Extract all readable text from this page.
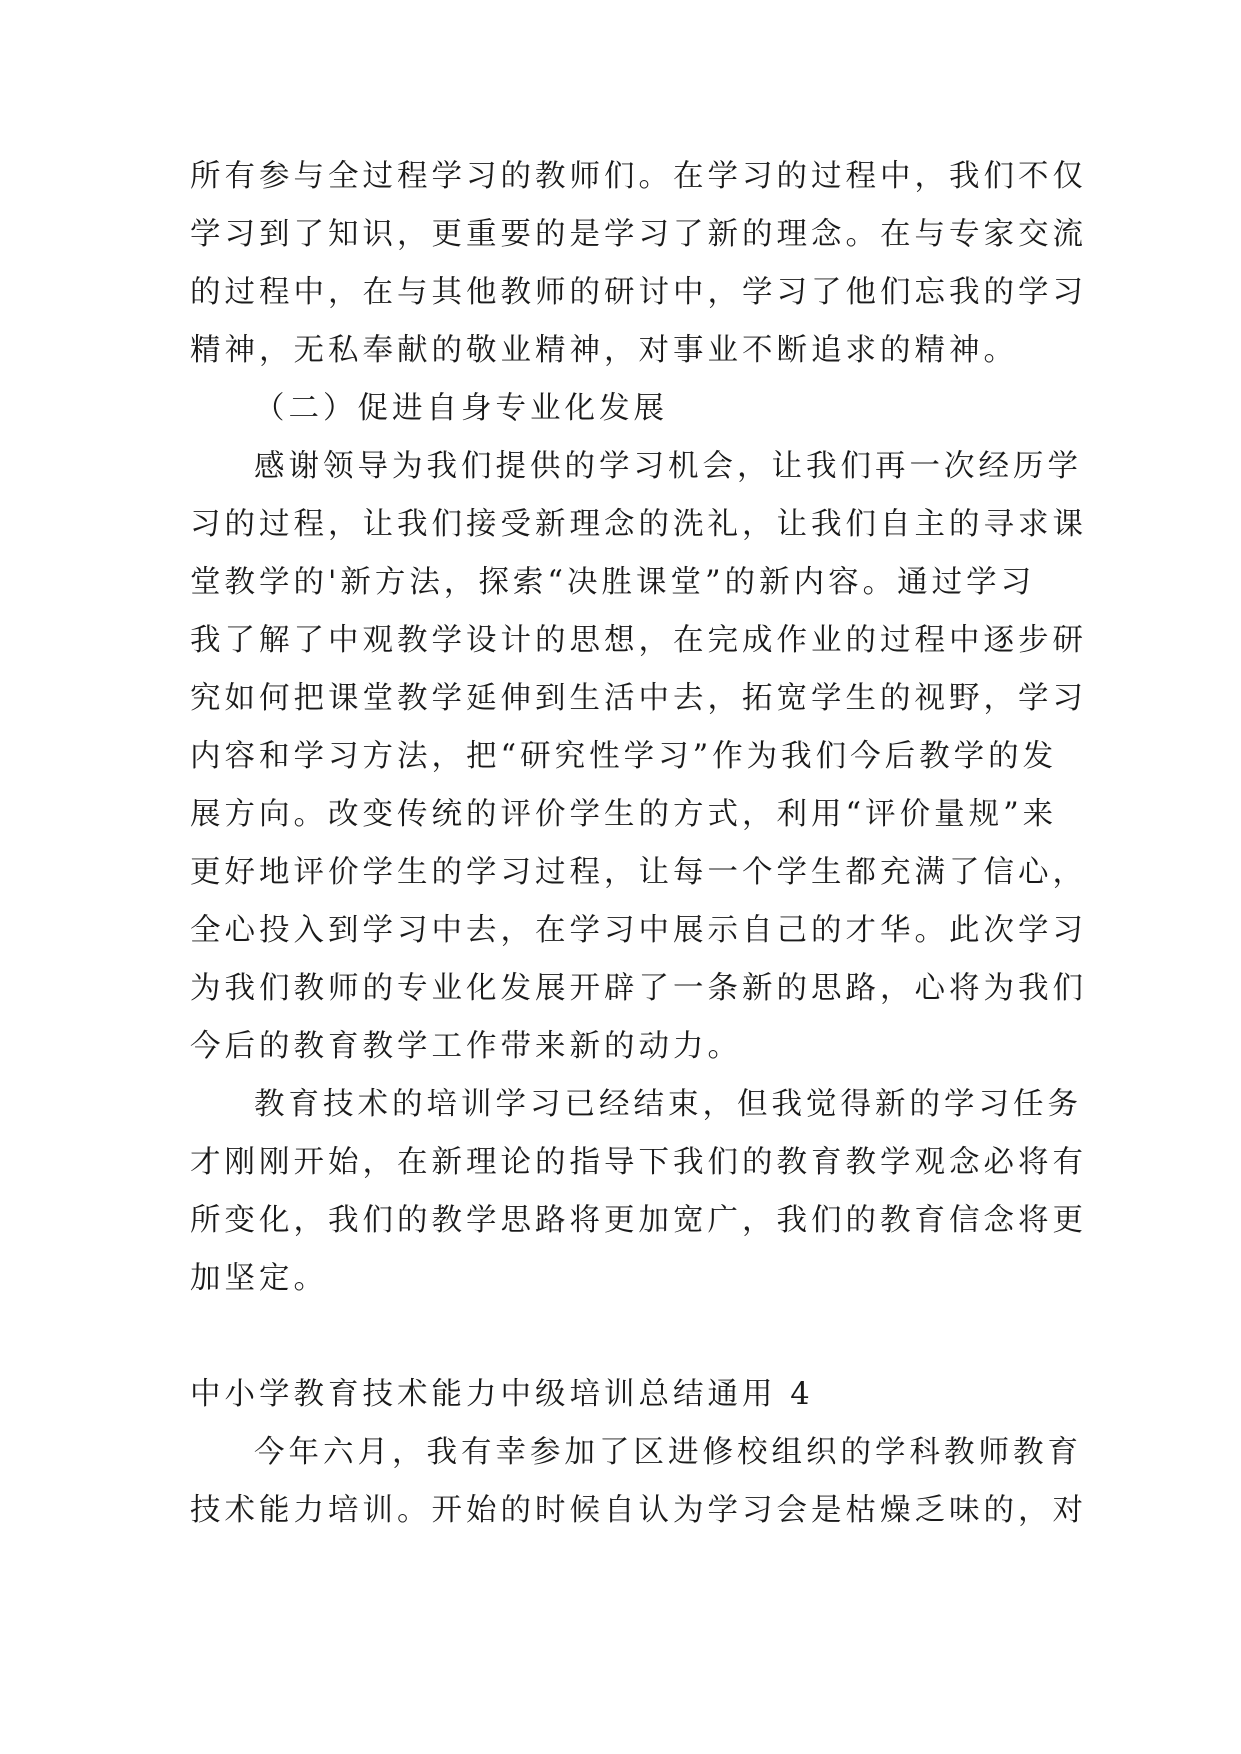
所有参与全过程学习的教师们。在学习的过程中，我们不仅
学习到了知识，更重要的是学习了新的理念。在与专家交流
的过程中，在与其他教师的研讨中，学习了他们忘我的学习
精神，无私奉献的敬业精神，对事业不断追求的精神。
（二）促进自身专业化发展
感谢领导为我们提供的学习机会，让我们再一次经历学
习的过程，让我们接受新理念的洗礼，让我们自主的寻求课
堂教学的'新方法，探索“决胜课堂”的新内容。通过学习
我了解了中观教学设计的思想，在完成作业的过程中逐步研
究如何把课堂教学延伸到生活中去，拓宽学生的视野，学习
内容和学习方法，把“研究性学习”作为我们今后教学的发
展方向。改变传统的评价学生的方式，利用“评价量规”来
更好地评价学生的学习过程，让每一个学生都充满了信心，
全心投入到学习中去，在学习中展示自己的才华。此次学习
为我们教师的专业化发展开辟了一条新的思路，心将为我们
今后的教育教学工作带来新的动力。
教育技术的培训学习已经结束，但我觉得新的学习任务
才刚刚开始，在新理论的指导下我们的教育教学观念必将有
所变化，我们的教学思路将更加宽广，我们的教育信念将更
加坚定。
中小学教育技术能力中级培训总结通用 4
今年六月，我有幸参加了区进修校组织的学科教师教育
技术能力培训。开始的时候自认为学习会是枯燥乏味的，对
